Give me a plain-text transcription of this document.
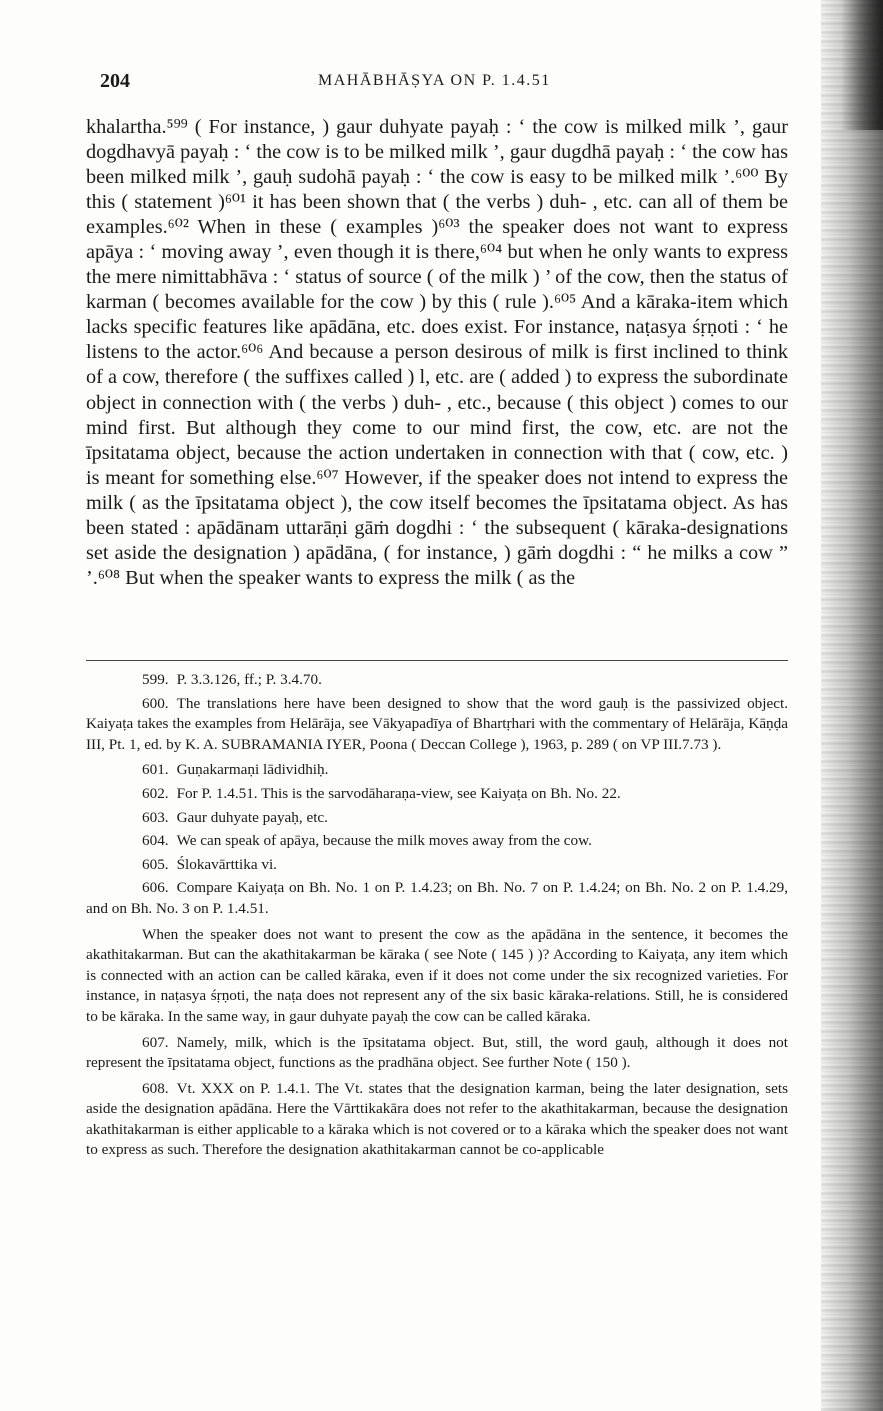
204	MAHĀBHĀṢYA ON P. 1.4.51

khalartha.⁵⁹⁹ ( For instance, ) gaur duhyate payaḥ : ‘ the cow is milked milk ’, gaur dogdhavyā payaḥ : ‘ the cow is to be milked milk ’, gaur dugdhā payaḥ : ‘ the cow has been milked milk ’, gauḥ sudohā payaḥ : ‘ the cow is easy to be milked milk ’.⁶⁰⁰ By this ( statement )⁶⁰¹ it has been shown that ( the verbs ) duh- , etc. can all of them be examples.⁶⁰² When in these ( examples )⁶⁰³ the speaker does not want to express apāya : ‘ moving away ’, even though it is there,⁶⁰⁴ but when he only wants to express the mere nimittabhāva : ‘ status of source ( of the milk ) ’ of the cow, then the status of karman ( becomes available for the cow ) by this ( rule ).⁶⁰⁵ And a kāraka-item which lacks specific features like apādāna, etc. does exist. For instance, naṭasya śṛṇoti : ‘ he listens to the actor.⁶⁰⁶ And because a person desirous of milk is first inclined to think of a cow, therefore ( the suffixes called ) l, etc. are ( added ) to express the subordinate object in connection with ( the verbs ) duh- , etc., because ( this object ) comes to our mind first. But although they come to our mind first, the cow, etc. are not the īpsitatama object, because the action undertaken in connection with that ( cow, etc. ) is meant for something else.⁶⁰⁷ However, if the speaker does not intend to express the milk ( as the īpsitatama object ), the cow itself becomes the īpsitatama object. As has been stated : apādānam uttarāṇi gāṁ dogdhi : ‘ the subsequent ( kāraka-designations set aside the designation ) apādāna, ( for instance, ) gāṁ dogdhi : “ he milks a cow ” ’.⁶⁰⁸ But when the speaker wants to express the milk ( as the

599. P. 3.3.126, ff.; P. 3.4.70.

600. The translations here have been designed to show that the word gauḥ is the passivized object. Kaiyaṭa takes the examples from Helārāja, see Vākyapadīya of Bhartṛhari with the commentary of Helārāja, Kāṇḍa III, Pt. 1, ed. by K. A. SUBRAMANIA IYER, Poona ( Deccan College ), 1963, p. 289 ( on VP III.7.73 ).

601. Guṇakarmaṇi lādividhiḥ.

602. For P. 1.4.51. This is the sarvodāharaṇa-view, see Kaiyaṭa on Bh. No. 22.

603. Gaur duhyate payaḥ, etc.

604. We can speak of apāya, because the milk moves away from the cow.

605. Ślokavārttika vi.

606. Compare Kaiyaṭa on Bh. No. 1 on P. 1.4.23; on Bh. No. 7 on P. 1.4.24; on Bh. No. 2 on P. 1.4.29, and on Bh. No. 3 on P. 1.4.51.

When the speaker does not want to present the cow as the apādāna in the sentence, it becomes the akathitakarman. But can the akathitakarman be kāraka ( see Note ( 145 ) )? According to Kaiyaṭa, any item which is connected with an action can be called kāraka, even if it does not come under the six recognized varieties. For instance, in naṭasya śṛṇoti, the naṭa does not represent any of the six basic kāraka-relations. Still, he is considered to be kāraka. In the same way, in gaur duhyate payaḥ the cow can be called kāraka.

607. Namely, milk, which is the īpsitatama object. But, still, the word gauḥ, although it does not represent the īpsitatama object, functions as the pradhāna object. See further Note ( 150 ).

608. Vt. XXX on P. 1.4.1. The Vt. states that the designation karman, being the later designation, sets aside the designation apādāna. Here the Vārttikakāra does not refer to the akathitakarman, because the designation akathitakarman is either applicable to a kāraka which is not covered or to a kāraka which the speaker does not want to express as such. Therefore the designation akathitakarman cannot be co-applicable
